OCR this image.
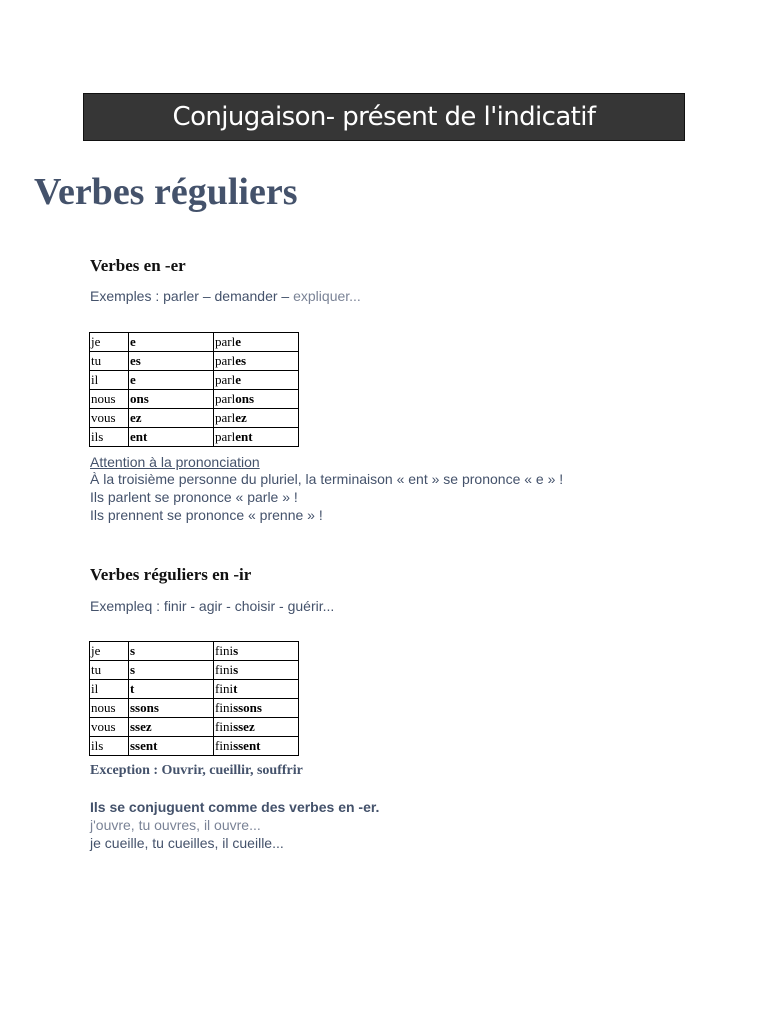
Conjugaison- présent de l'indicatif
Verbes réguliers
Verbes en -er
Exemples : parler – demander – expliquer...
je	e	parle
tu	es	parles
il	e	parle
nous	ons	parlons
vous	ez	parlez
ils	ent	parlent
Attention à la prononciation
À la troisième personne du pluriel, la terminaison « ent » se prononce « e » !
Ils parlent se prononce « parle » !
Ils prennent se prononce « prenne » !
Verbes réguliers en -ir
Exempleq : finir - agir - choisir - guérir...
je	s	finis
tu	s	finis
il	t	finit
nous	ssons	finissons
vous	ssez	finissez
ils	ssent	finissent
Exception : Ouvrir, cueillir, souffrir
Ils se conjuguent comme des verbes en -er.
j'ouvre, tu ouvres, il ouvre...
je cueille, tu cueilles, il cueille...
